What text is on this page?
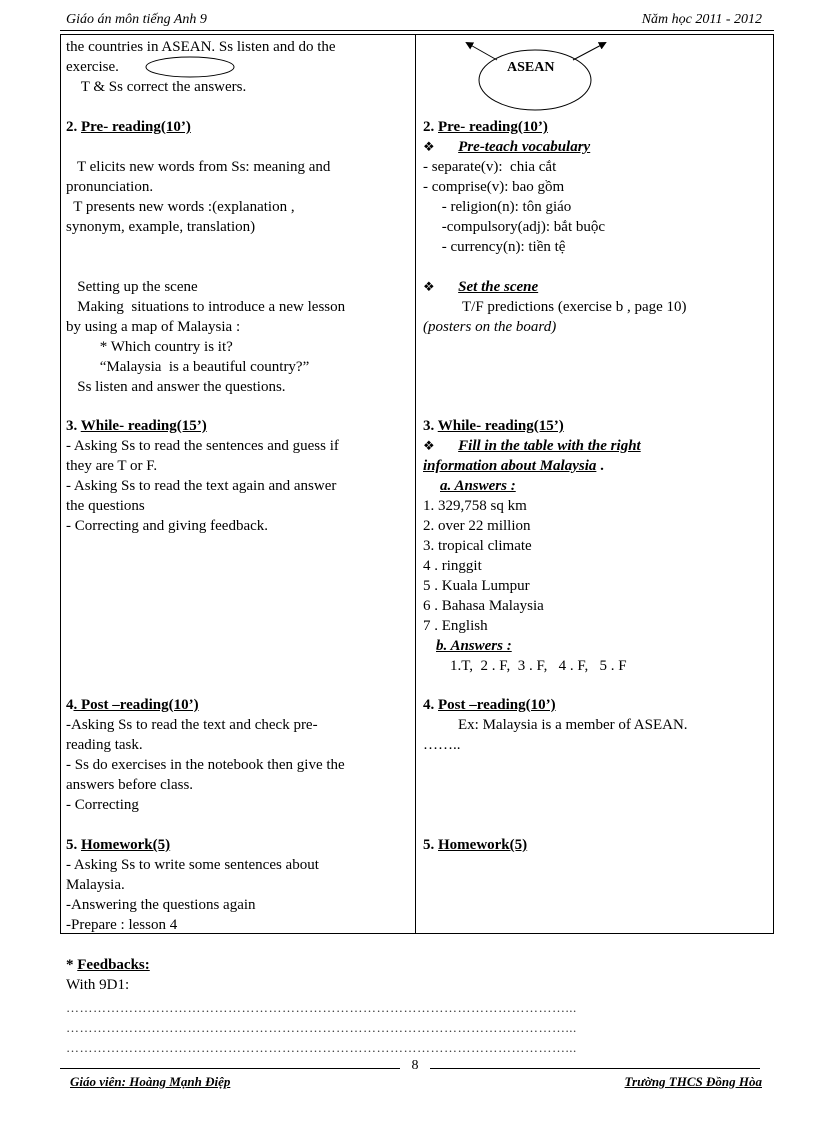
Giáo án môn tiếng Anh 9	Năm học 2011 - 2012
the countries in ASEAN. Ss listen and do the
exercise.
T & Ss correct the answers.
2. Pre- reading(10’)
T elicits new words from Ss: meaning and
pronunciation.
T presents new words :(explanation ,
synonym, example, translation)
Setting up the scene
Making  situations to introduce a new lesson
by using a map of Malaysia :
* Which country is it?
“Malaysia  is a beautiful country?”
Ss listen and answer the questions.
3. While- reading(15’)
- Asking Ss to read the sentences and guess if
they are T or F.
- Asking Ss to read the text again and answer
the questions
- Correcting and giving feedback.
4. Post –reading(10’)
-Asking Ss to read the text and check pre-
reading task.
- Ss do exercises in the notebook then give the
answers before class.
- Correcting
5. Homework(5)
- Asking Ss to write some sentences about
Malaysia.
-Answering the questions again
-Prepare : lesson 4
ASEAN
2. Pre- reading(10’)
❖ Pre-teach vocabulary
- separate(v):  chia cắt
- comprise(v): bao gồm
- religion(n): tôn giáo
-compulsory(adj): bắt buộc
- currency(n): tiền tệ
❖ Set the scene
T/F predictions (exercise b , page 10)
(posters on the board)
3. While- reading(15’)
❖ Fill in the table with the right
information about Malaysia .
a. Answers :
1. 329,758 sq km
2. over 22 million
3. tropical climate
4 . ringgit
5 . Kuala Lumpur
6 . Bahasa Malaysia
7 . English
b. Answers :
1.T,  2 . F,  3 . F,   4 . F,   5 . F
4. Post –reading(10’)
Ex: Malaysia is a member of ASEAN.
……..
5. Homework(5)
* Feedbacks:
With 9D1:
…………………………………………………………………………………………………...
…………………………………………………………………………………………………...
…………………………………………………………………………………………………...
8
Giáo viên: Hoàng Mạnh Điệp	Trường THCS Đồng Hòa
